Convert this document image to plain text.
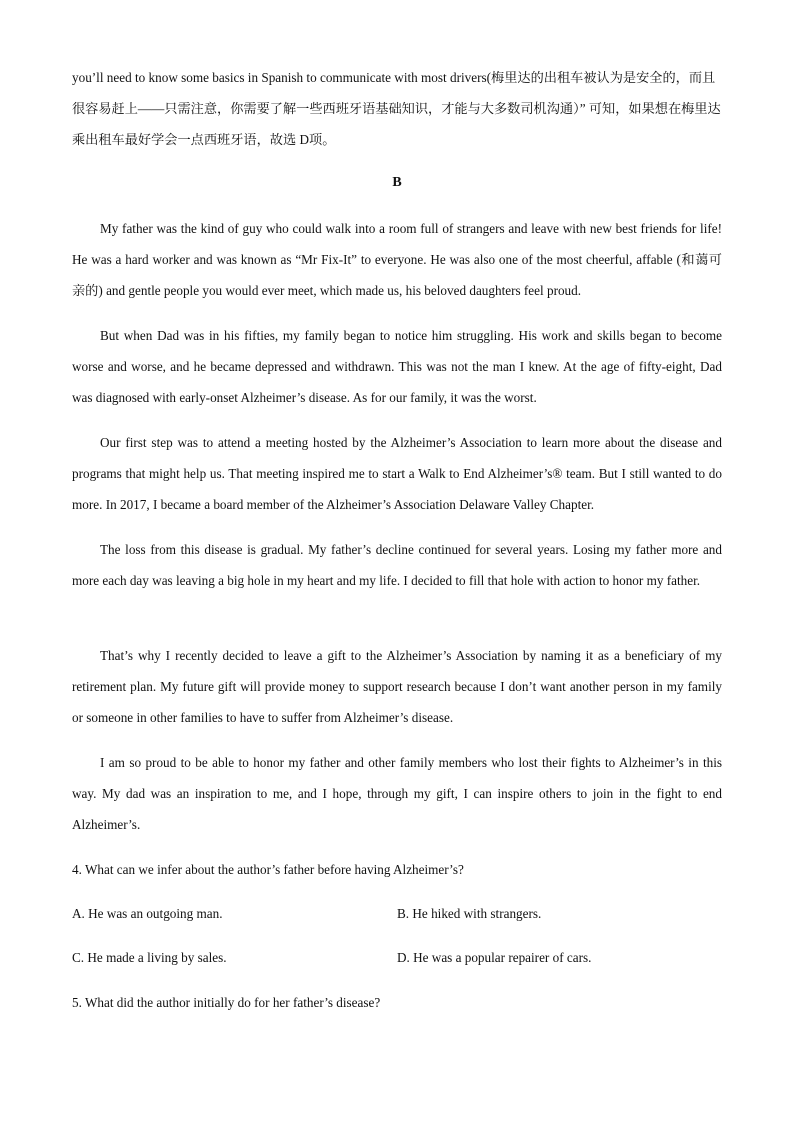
you’ll need to know some basics in Spanish to communicate with most drivers(梅里达的出租车被认为是安全的，而且很容易赶上——只需注意，你需要了解一些西班牙语基础知识，才能与大多数司机沟通）” 可知，如果想在梅里达乘出租车最好学会一点西班牙语，故选 D项。
B
My father was the kind of guy who could walk into a room full of strangers and leave with new best friends for life! He was a hard worker and was known as “Mr Fix-It” to everyone. He was also one of the most cheerful, affable (和蔼可亲的) and gentle people you would ever meet, which made us, his beloved daughters feel proud.
But when Dad was in his fifties, my family began to notice him struggling. His work and skills began to become worse and worse, and he became depressed and withdrawn. This was not the man I knew. At the age of fifty-eight, Dad was diagnosed with early-onset Alzheimer’s disease. As for our family, it was the worst.
Our first step was to attend a meeting hosted by the Alzheimer’s Association to learn more about the disease and programs that might help us. That meeting inspired me to start a Walk to End Alzheimer’s® team. But I still wanted to do more. In 2017, I became a board member of the Alzheimer’s Association Delaware Valley Chapter.
The loss from this disease is gradual. My father’s decline continued for several years. Losing my father more and more each day was leaving a big hole in my heart and my life. I decided to fill that hole with action to honor my father.
That’s why I recently decided to leave a gift to the Alzheimer’s Association by naming it as a beneficiary of my retirement plan. My future gift will provide money to support research because I don’t want another person in my family or someone in other families to have to suffer from Alzheimer’s disease.
I am so proud to be able to honor my father and other family members who lost their fights to Alzheimer’s in this way. My dad was an inspiration to me, and I hope, through my gift, I can inspire others to join in the fight to end Alzheimer’s.
4. What can we infer about the author’s father before having Alzheimer’s?
A. He was an outgoing man.	B. He hiked with strangers.
C. He made a living by sales.	D. He was a popular repairer of cars.
5. What did the author initially do for her father’s disease?
